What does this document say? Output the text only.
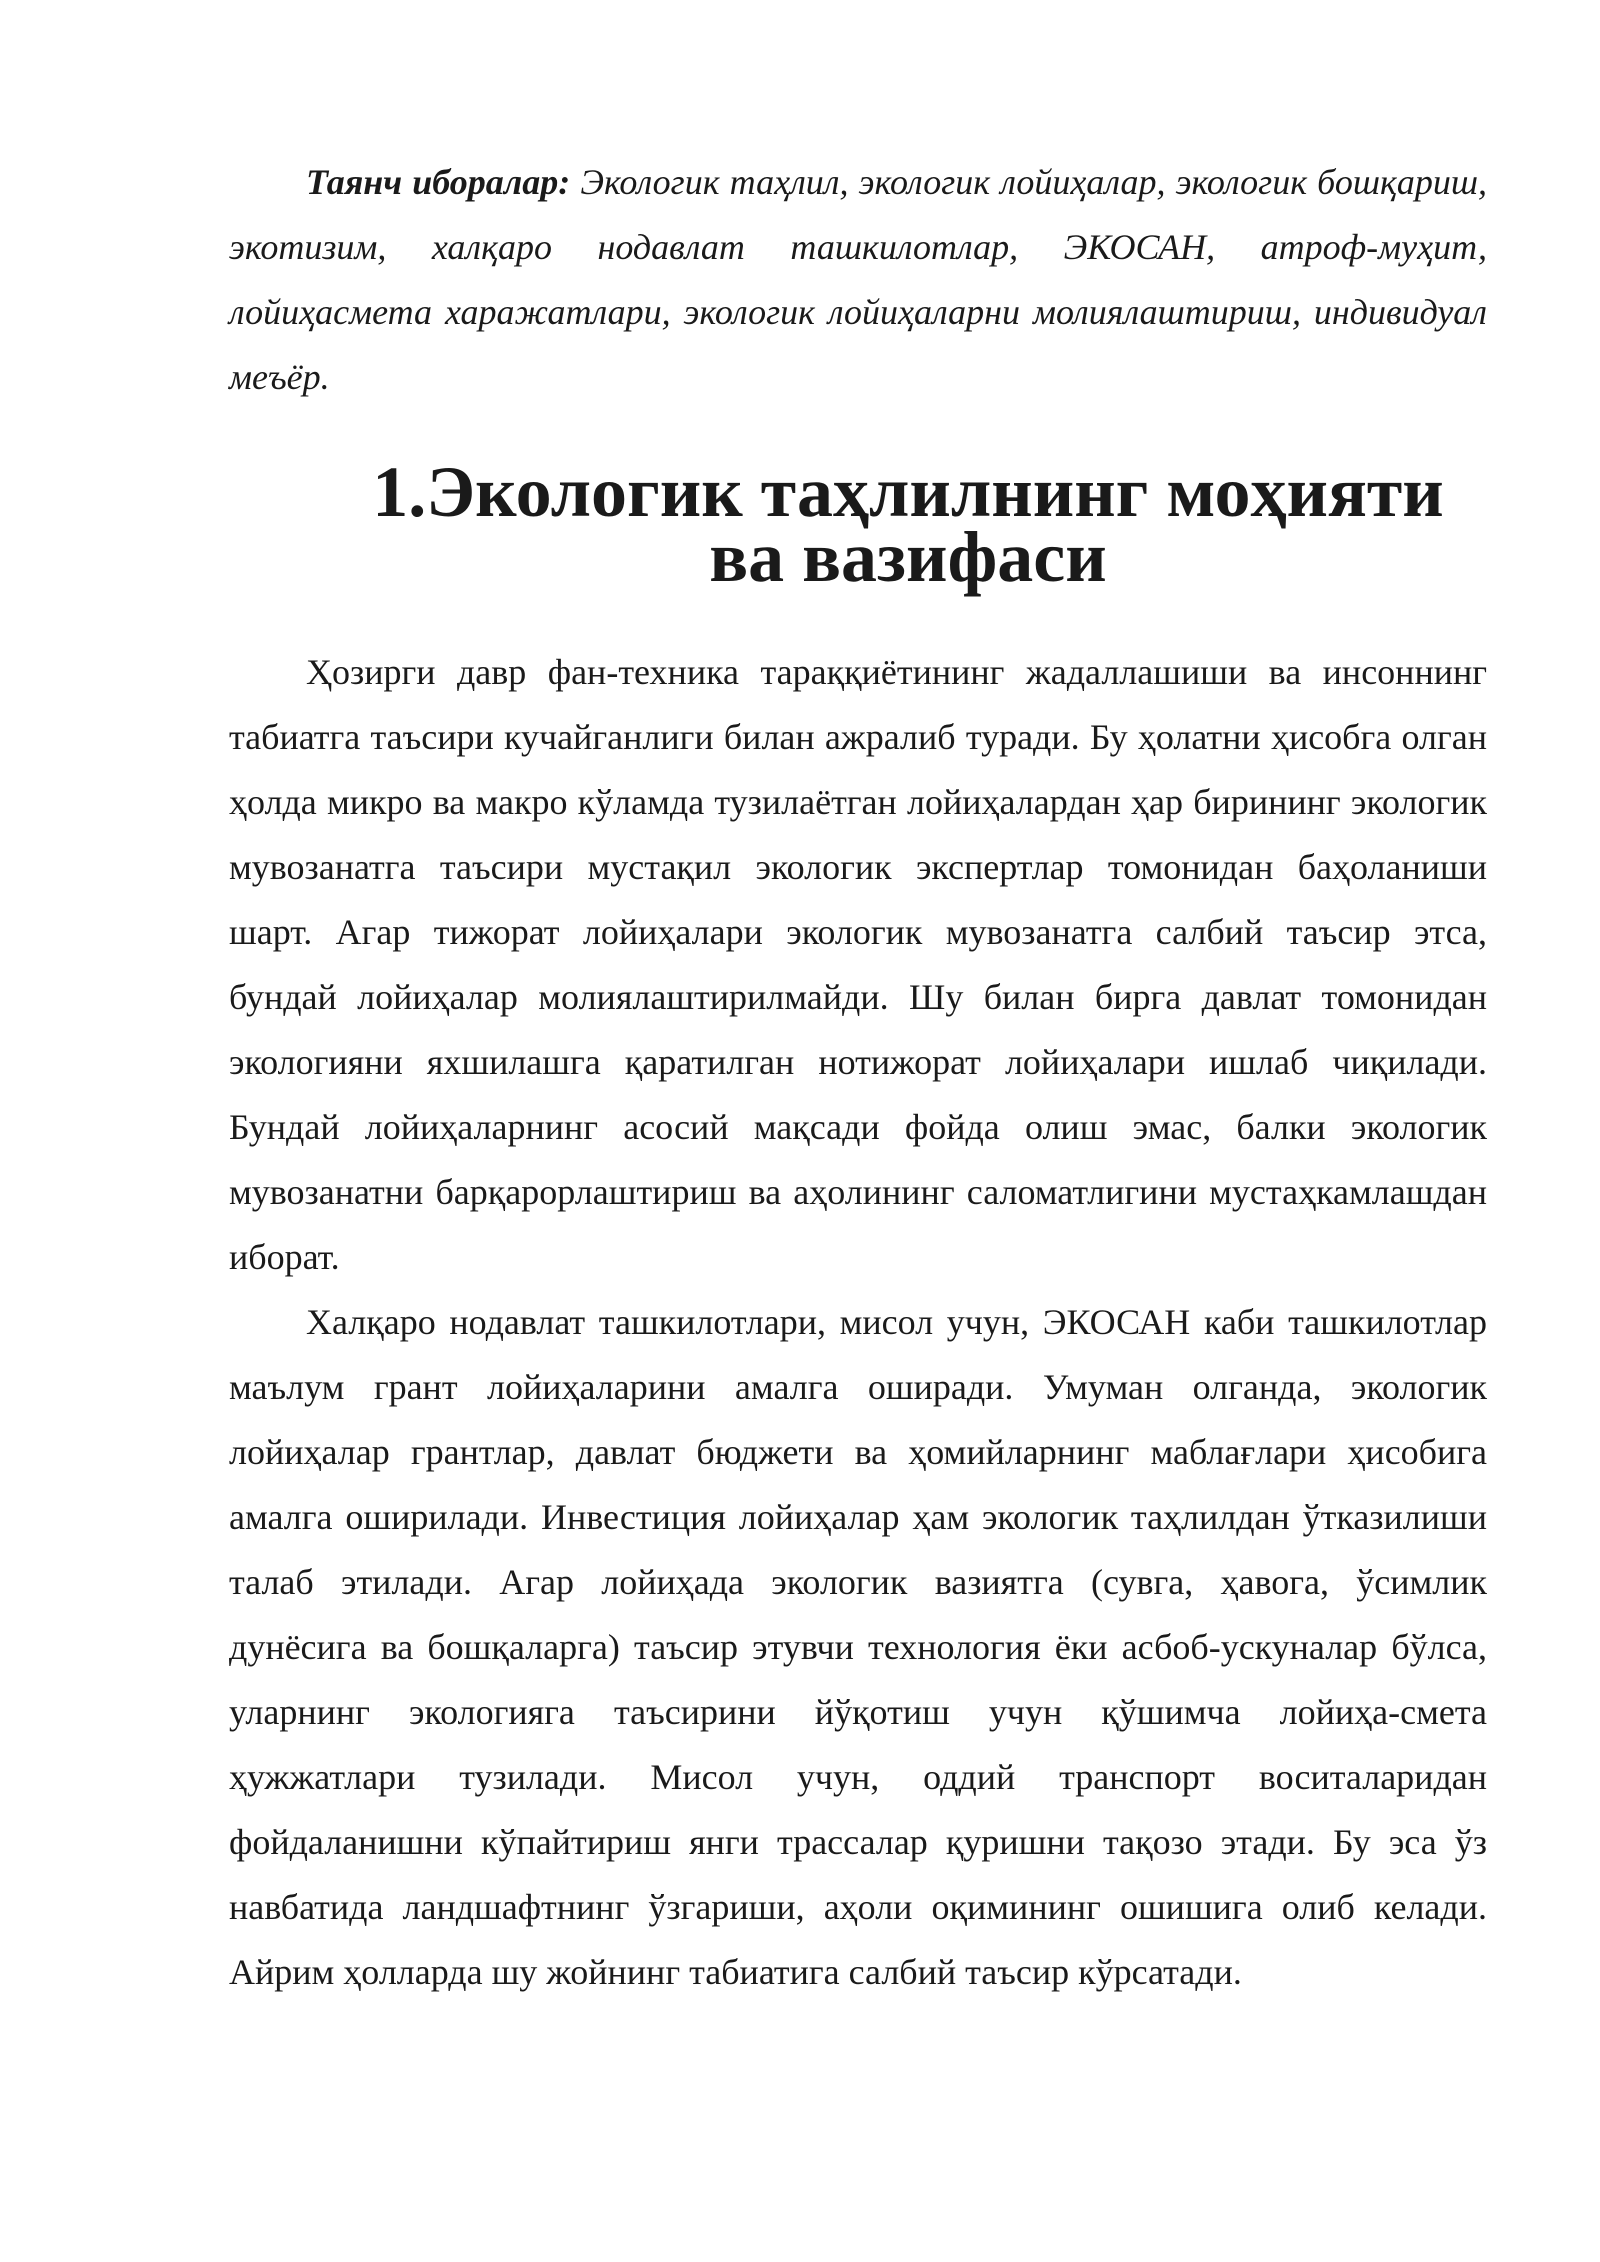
Таянч иборалар: Экологик таҳлил, экологик лойиҳалар, экологик бошқариш, экотизим, халқаро нодавлат ташкилотлар, ЭКОСАН, атроф-муҳит, лойиҳасмета харажатлари, экологик лойиҳаларни молиялаштириш, индивидуал меъёр.

1.Экологик таҳлилнинг моҳияти ва вазифаси

Ҳозирги давр фан-техника тараққиётининг жадаллашиши ва инсоннинг табиатга таъсири кучайганлиги билан ажралиб туради. Бу ҳолатни ҳисобга олган ҳолда микро ва макро кўламда тузилаётган лойиҳалардан ҳар бирининг экологик мувозанатга таъсири мустақил экологик экспертлар томонидан баҳоланиши шарт. Агар тижорат лойиҳалари экологик мувозанатга салбий таъсир этса, бундай лойиҳалар молиялаштирилмайди. Шу билан бирга давлат томонидан экологияни яхшилашга қаратилган нотижорат лойиҳалари ишлаб чиқилади. Бундай лойиҳаларнинг асосий мақсади фойда олиш эмас, балки экологик мувозанатни барқарорлаштириш ва аҳолининг саломатлигини мустаҳкамлашдан иборат.

Халқаро нодавлат ташкилотлари, мисол учун, ЭКОСАН каби ташкилотлар маълум грант лойиҳаларини амалга оширади. Умуман олганда, экологик лойиҳалар грантлар, давлат бюджети ва ҳомийларнинг маблағлари ҳисобига амалга оширилади. Инвестиция лойиҳалар ҳам экологик таҳлилдан ўтказилиши талаб этилади. Агар лойиҳада экологик вазиятга (сувга, ҳавога, ўсимлик дунёсига ва бошқаларга) таъсир этувчи технология ёки асбоб-ускуналар бўлса, уларнинг экологияга таъсирини йўқотиш учун қўшимча лойиҳа-смета ҳужжатлари тузилади. Мисол учун, оддий транспорт воситаларидан фойдаланишни кўпайтириш янги трассалар қуришни тақозо этади. Бу эса ўз навбатида ландшафтнинг ўзгариши, аҳоли оқимининг ошишига олиб келади. Айрим ҳолларда шу жойнинг табиатига салбий таъсир кўрсатади.
